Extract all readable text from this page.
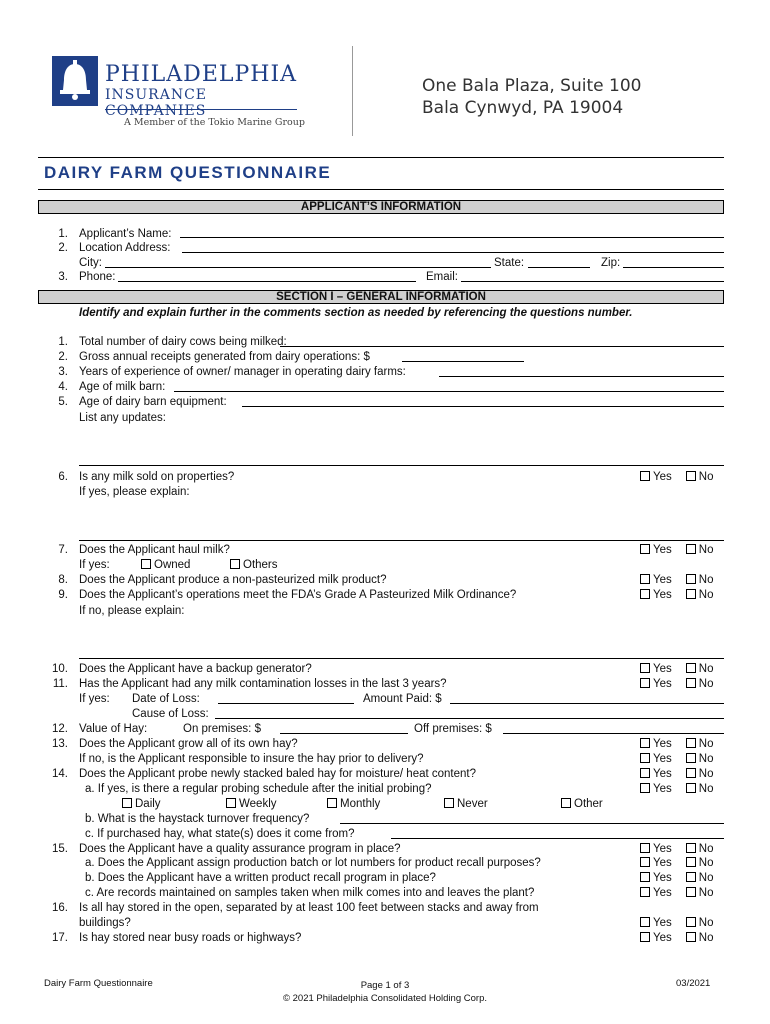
PHILADELPHIA
INSURANCE COMPANIES
A Member of the Tokio Marine Group
One Bala Plaza, Suite 100
Bala Cynwyd, PA 19004
DAIRY FARM QUESTIONNAIRE
APPLICANT’S INFORMATION
1. Applicant’s Name:
2. Location Address:
City:	State:	Zip:
3. Phone:	Email:
SECTION I – GENERAL INFORMATION
Identify and explain further in the comments section as needed by referencing the questions number.
1. Total number of dairy cows being milked:
2. Gross annual receipts generated from dairy operations: $
3. Years of experience of owner/ manager in operating dairy farms:
4. Age of milk barn:
5. Age of dairy barn equipment:
List any updates:
6. Is any milk sold on properties?	Yes No
If yes, please explain:
7. Does the Applicant haul milk?	Yes No
If yes:	Owned	Others
8. Does the Applicant produce a non-pasteurized milk product?	Yes No
9. Does the Applicant’s operations meet the FDA’s Grade A Pasteurized Milk Ordinance?	Yes No
If no, please explain:
10. Does the Applicant have a backup generator?	Yes No
11. Has the Applicant had any milk contamination losses in the last 3 years?	Yes No
If yes: Date of Loss:	Amount Paid: $
Cause of Loss:
12. Value of Hay:	On premises: $	Off premises: $
13. Does the Applicant grow all of its own hay?	Yes No
If no, is the Applicant responsible to insure the hay prior to delivery?	Yes No
14. Does the Applicant probe newly stacked baled hay for moisture/ heat content?	Yes No
a. If yes, is there a regular probing schedule after the initial probing?	Yes No
Daily	Weekly	Monthly	Never	Other
b. What is the haystack turnover frequency?
c. If purchased hay, what state(s) does it come from?
15. Does the Applicant have a quality assurance program in place?	Yes No
a. Does the Applicant assign production batch or lot numbers for product recall purposes?	Yes No
b. Does the Applicant have a written product recall program in place?	Yes No
c. Are records maintained on samples taken when milk comes into and leaves the plant?	Yes No
16. Is all hay stored in the open, separated by at least 100 feet between stacks and away from
buildings?	Yes No
17. Is hay stored near busy roads or highways?	Yes No
Dairy Farm Questionnaire	Page 1 of 3
© 2021 Philadelphia Consolidated Holding Corp.
03/2021
